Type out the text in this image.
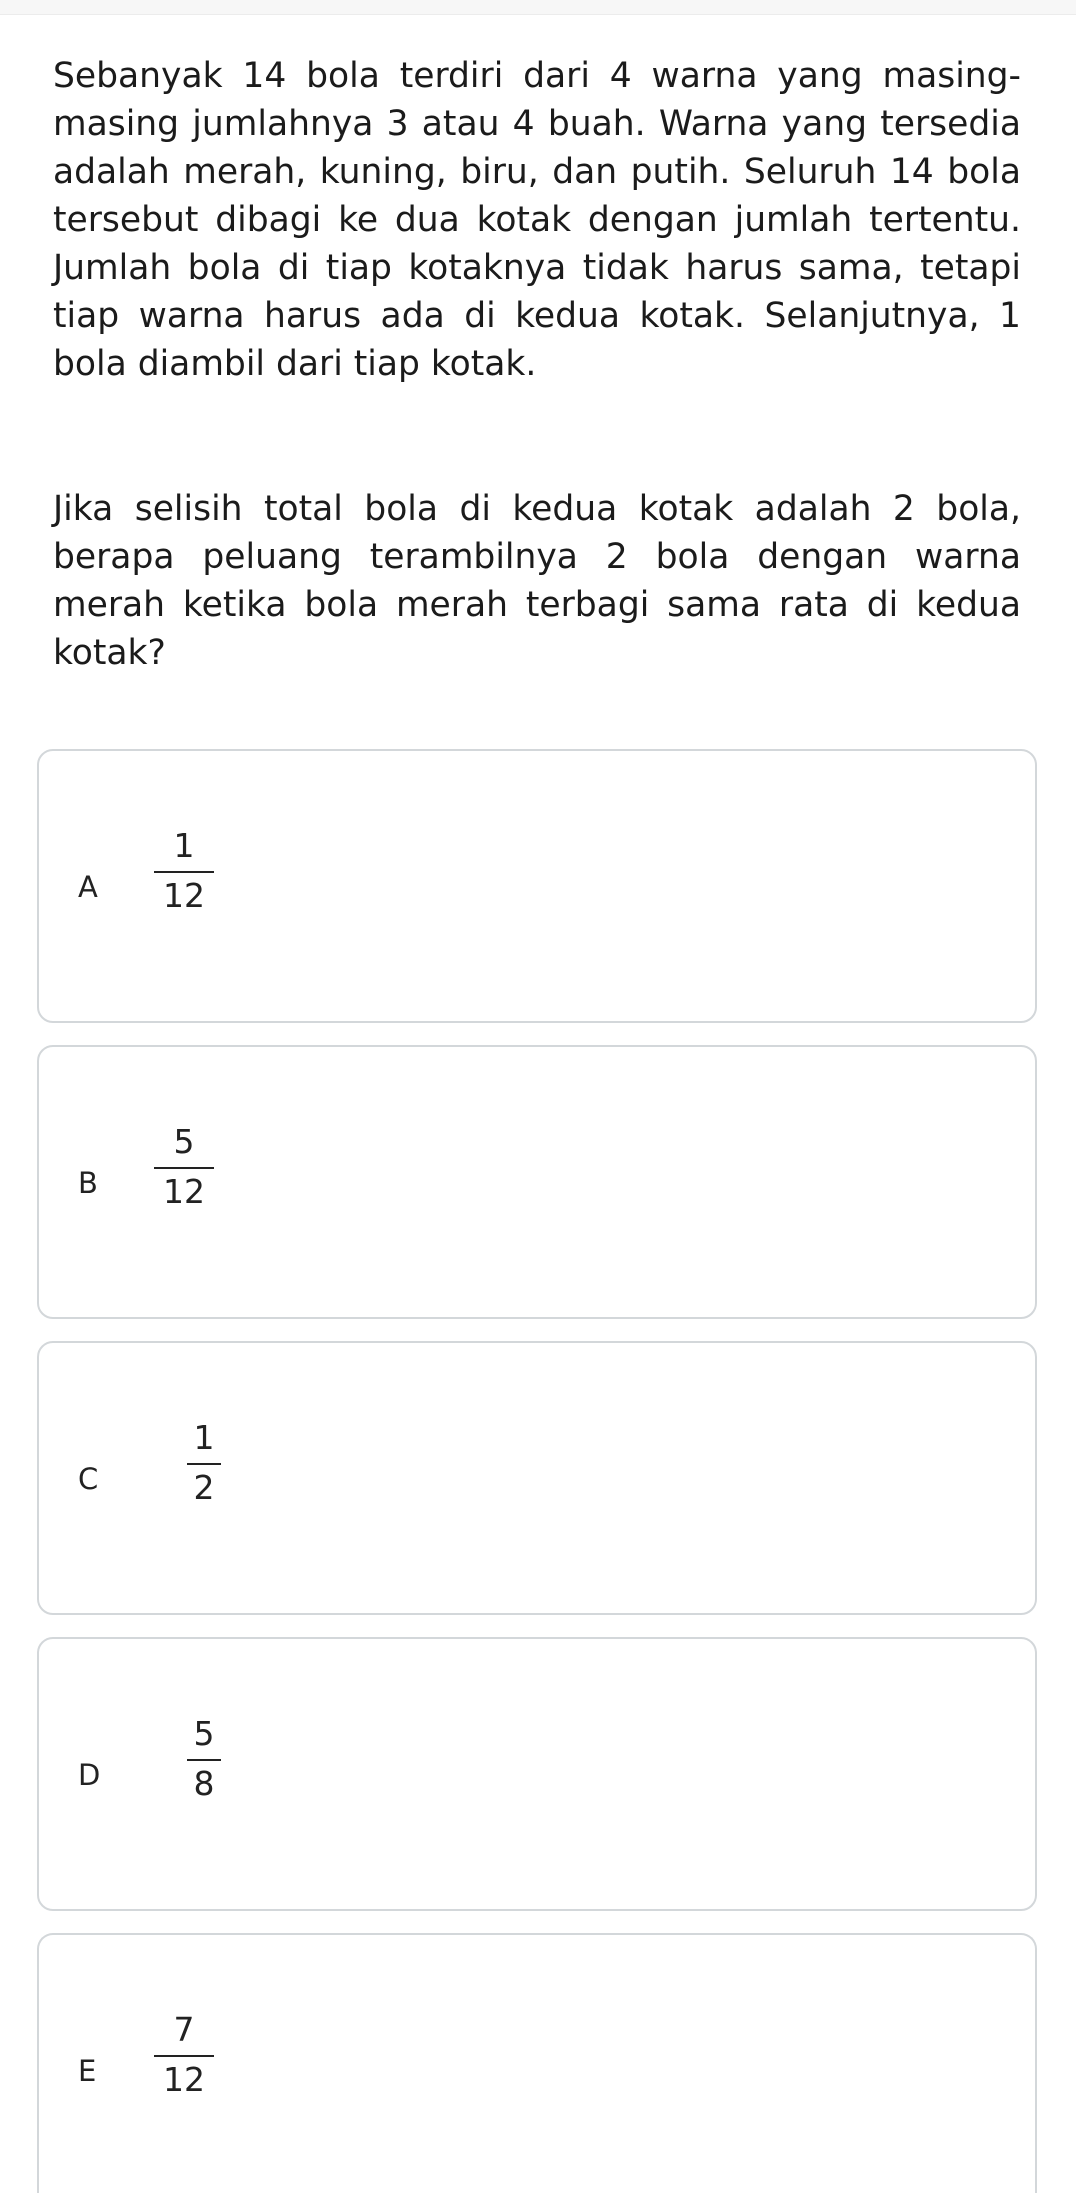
Sebanyak 14 bola terdiri dari 4 warna yang masing-masing jumlahnya 3 atau 4 buah. Warna yang tersedia adalah merah, kuning, biru, dan putih. Seluruh 14 bola tersebut dibagi ke dua kotak dengan jumlah tertentu. Jumlah bola di tiap kotaknya tidak harus sama, tetapi tiap warna harus ada di kedua kotak. Selanjutnya, 1 bola diambil dari tiap kotak.

Jika selisih total bola di kedua kotak adalah 2 bola, berapa peluang terambilnya 2 bola dengan warna merah ketika bola merah terbagi sama rata di kedua kotak?

A
1
12
B
5
12
C
1
2
D
5
8
E
7
12
